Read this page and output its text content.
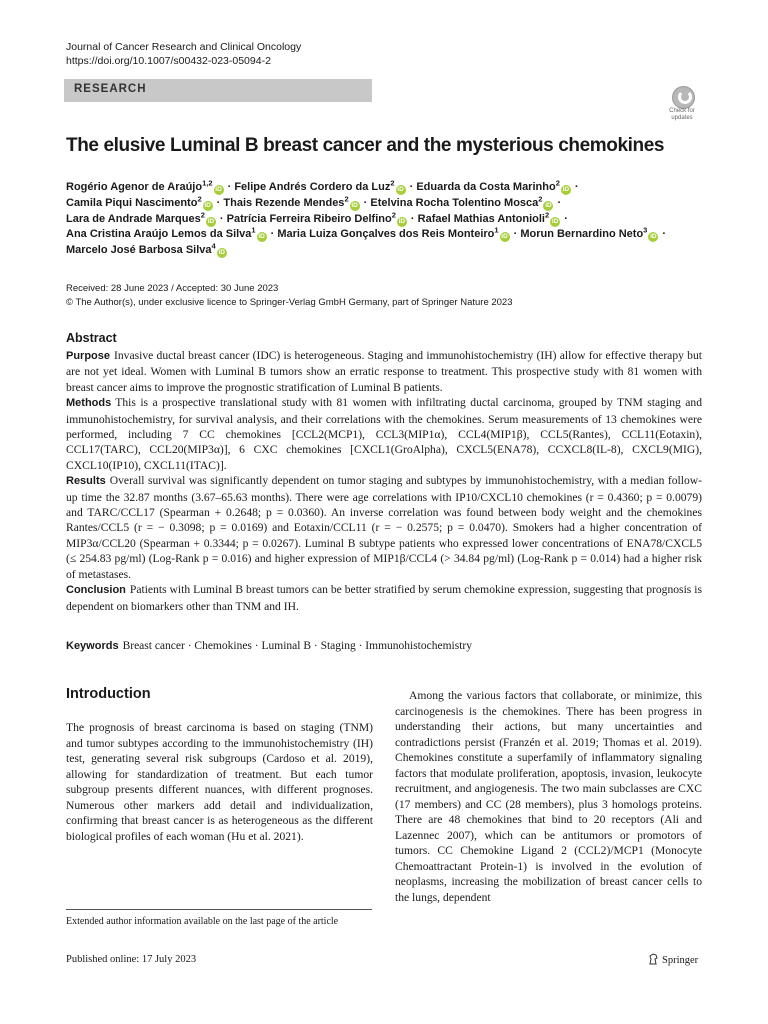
Journal of Cancer Research and Clinical Oncology
https://doi.org/10.1007/s00432-023-05094-2
RESEARCH
Check for
updates
The elusive Luminal B breast cancer and the mysterious chemokines
Rogério Agenor de Araújo$^{1,2}$iD · Felipe Andrés Cordero da Luz$^2$iD · Eduarda da Costa Marinho$^2$iD ·
Camila Piqui Nascimento$^2$iD · Thais Rezende Mendes$^2$iD · Etelvina Rocha Tolentino Mosca$^2$iD ·
Lara de Andrade Marques$^2$iD · Patrícia Ferreira Ribeiro Delfino$^2$iD · Rafael Mathias Antonioli$^2$iD ·
Ana Cristina Araújo Lemos da Silva$^1$iD · Maria Luiza Gonçalves dos Reis Monteiro$^1$iD · Morun Bernardino Neto$^3$iD ·
Marcelo José Barbosa Silva$^4$iD
Received: 28 June 2023 / Accepted: 30 June 2023
© The Author(s), under exclusive licence to Springer-Verlag GmbH Germany, part of Springer Nature 2023
Abstract

Purpose Invasive ductal breast cancer (IDC) is heterogeneous. Staging and immunohistochemistry (IH) allow for effective therapy but are not yet ideal. Women with Luminal B tumors show an erratic response to treatment. This prospective study with 81 women with breast cancer aims to improve the prognostic stratification of Luminal B patients.

Methods This is a prospective translational study with 81 women with infiltrating ductal carcinoma, grouped by TNM staging and immunohistochemistry, for survival analysis, and their correlations with the chemokines. Serum measurements of 13 chemokines were performed, including 7 CC chemokines [CCL2(MCP1), CCL3(MIP1α), CCL4(MIP1β), CCL5(Rantes), CCL11(Eotaxin), CCL17(TARC), CCL20(MIP3α)], 6 CXC chemokines [CXCL1(GroAlpha), CXCL5(ENA78), CCXCL8(IL-8), CXCL9(MIG), CXCL10(IP10), CXCL11(ITAC)].

Results Overall survival was significantly dependent on tumor staging and subtypes by immunohistochemistry, with a median follow-up time the 32.87 months (3.67–65.63 months). There were age correlations with IP10/CXCL10 chemokines (r = 0.4360; p = 0.0079) and TARC/CCL17 (Spearman + 0.2648; p = 0.0360). An inverse correlation was found between body weight and the chemokines Rantes/CCL5 (r = − 0.3098; p = 0.0169) and Eotaxin/CCL11 (r = − 0.2575; p = 0.0470). Smokers had a higher concentration of MIP3α/CCL20 (Spearman + 0.3344; p = 0.0267). Luminal B subtype patients who expressed lower concentrations of ENA78/CXCL5 (≤ 254.83 pg/ml) (Log-Rank p = 0.016) and higher expression of MIP1β/CCL4 (> 34.84 pg/ml) (Log-Rank p = 0.014) had a higher risk of metastases.

Conclusion Patients with Luminal B breast tumors can be better stratified by serum chemokine expression, suggesting that prognosis is dependent on biomarkers other than TNM and IH.

Keywords Breast cancer · Chemokines · Luminal B · Staging · Immunohistochemistry
Introduction

The prognosis of breast carcinoma is based on staging (TNM) and tumor subtypes according to the immunohistochemistry (IH) test, generating several risk subgroups (Cardoso et al. 2019), allowing for standardization of treatment. But each tumor subgroup presents different nuances, with different prognoses. Numerous other markers add detail and individualization, confirming that breast cancer is as heterogeneous as the different biological profiles of each woman (Hu et al. 2021).

Among the various factors that collaborate, or minimize, this carcinogenesis is the chemokines. There has been progress in understanding their actions, but many uncertainties and contradictions persist (Franzén et al. 2019; Thomas et al. 2019). Chemokines constitute a superfamily of inflammatory signaling factors that modulate proliferation, apoptosis, invasion, leukocyte recruitment, and angiogenesis. The two main subclasses are CXC (17 members) and CC (28 members), plus 3 homologs proteins. There are 48 chemokines that bind to 20 receptors (Ali and Lazennec 2007), which can be antitumors or promotors of tumors. CC Chemokine Ligand 2 (CCL2)/MCP1 (Monocyte Chemoattractant Protein-1) is involved in the evolution of neoplasms, increasing the mobilization of breast cancer cells to the lungs, dependent

Extended author information available on the last page of the article
Published online: 17 July 2023	Springer
